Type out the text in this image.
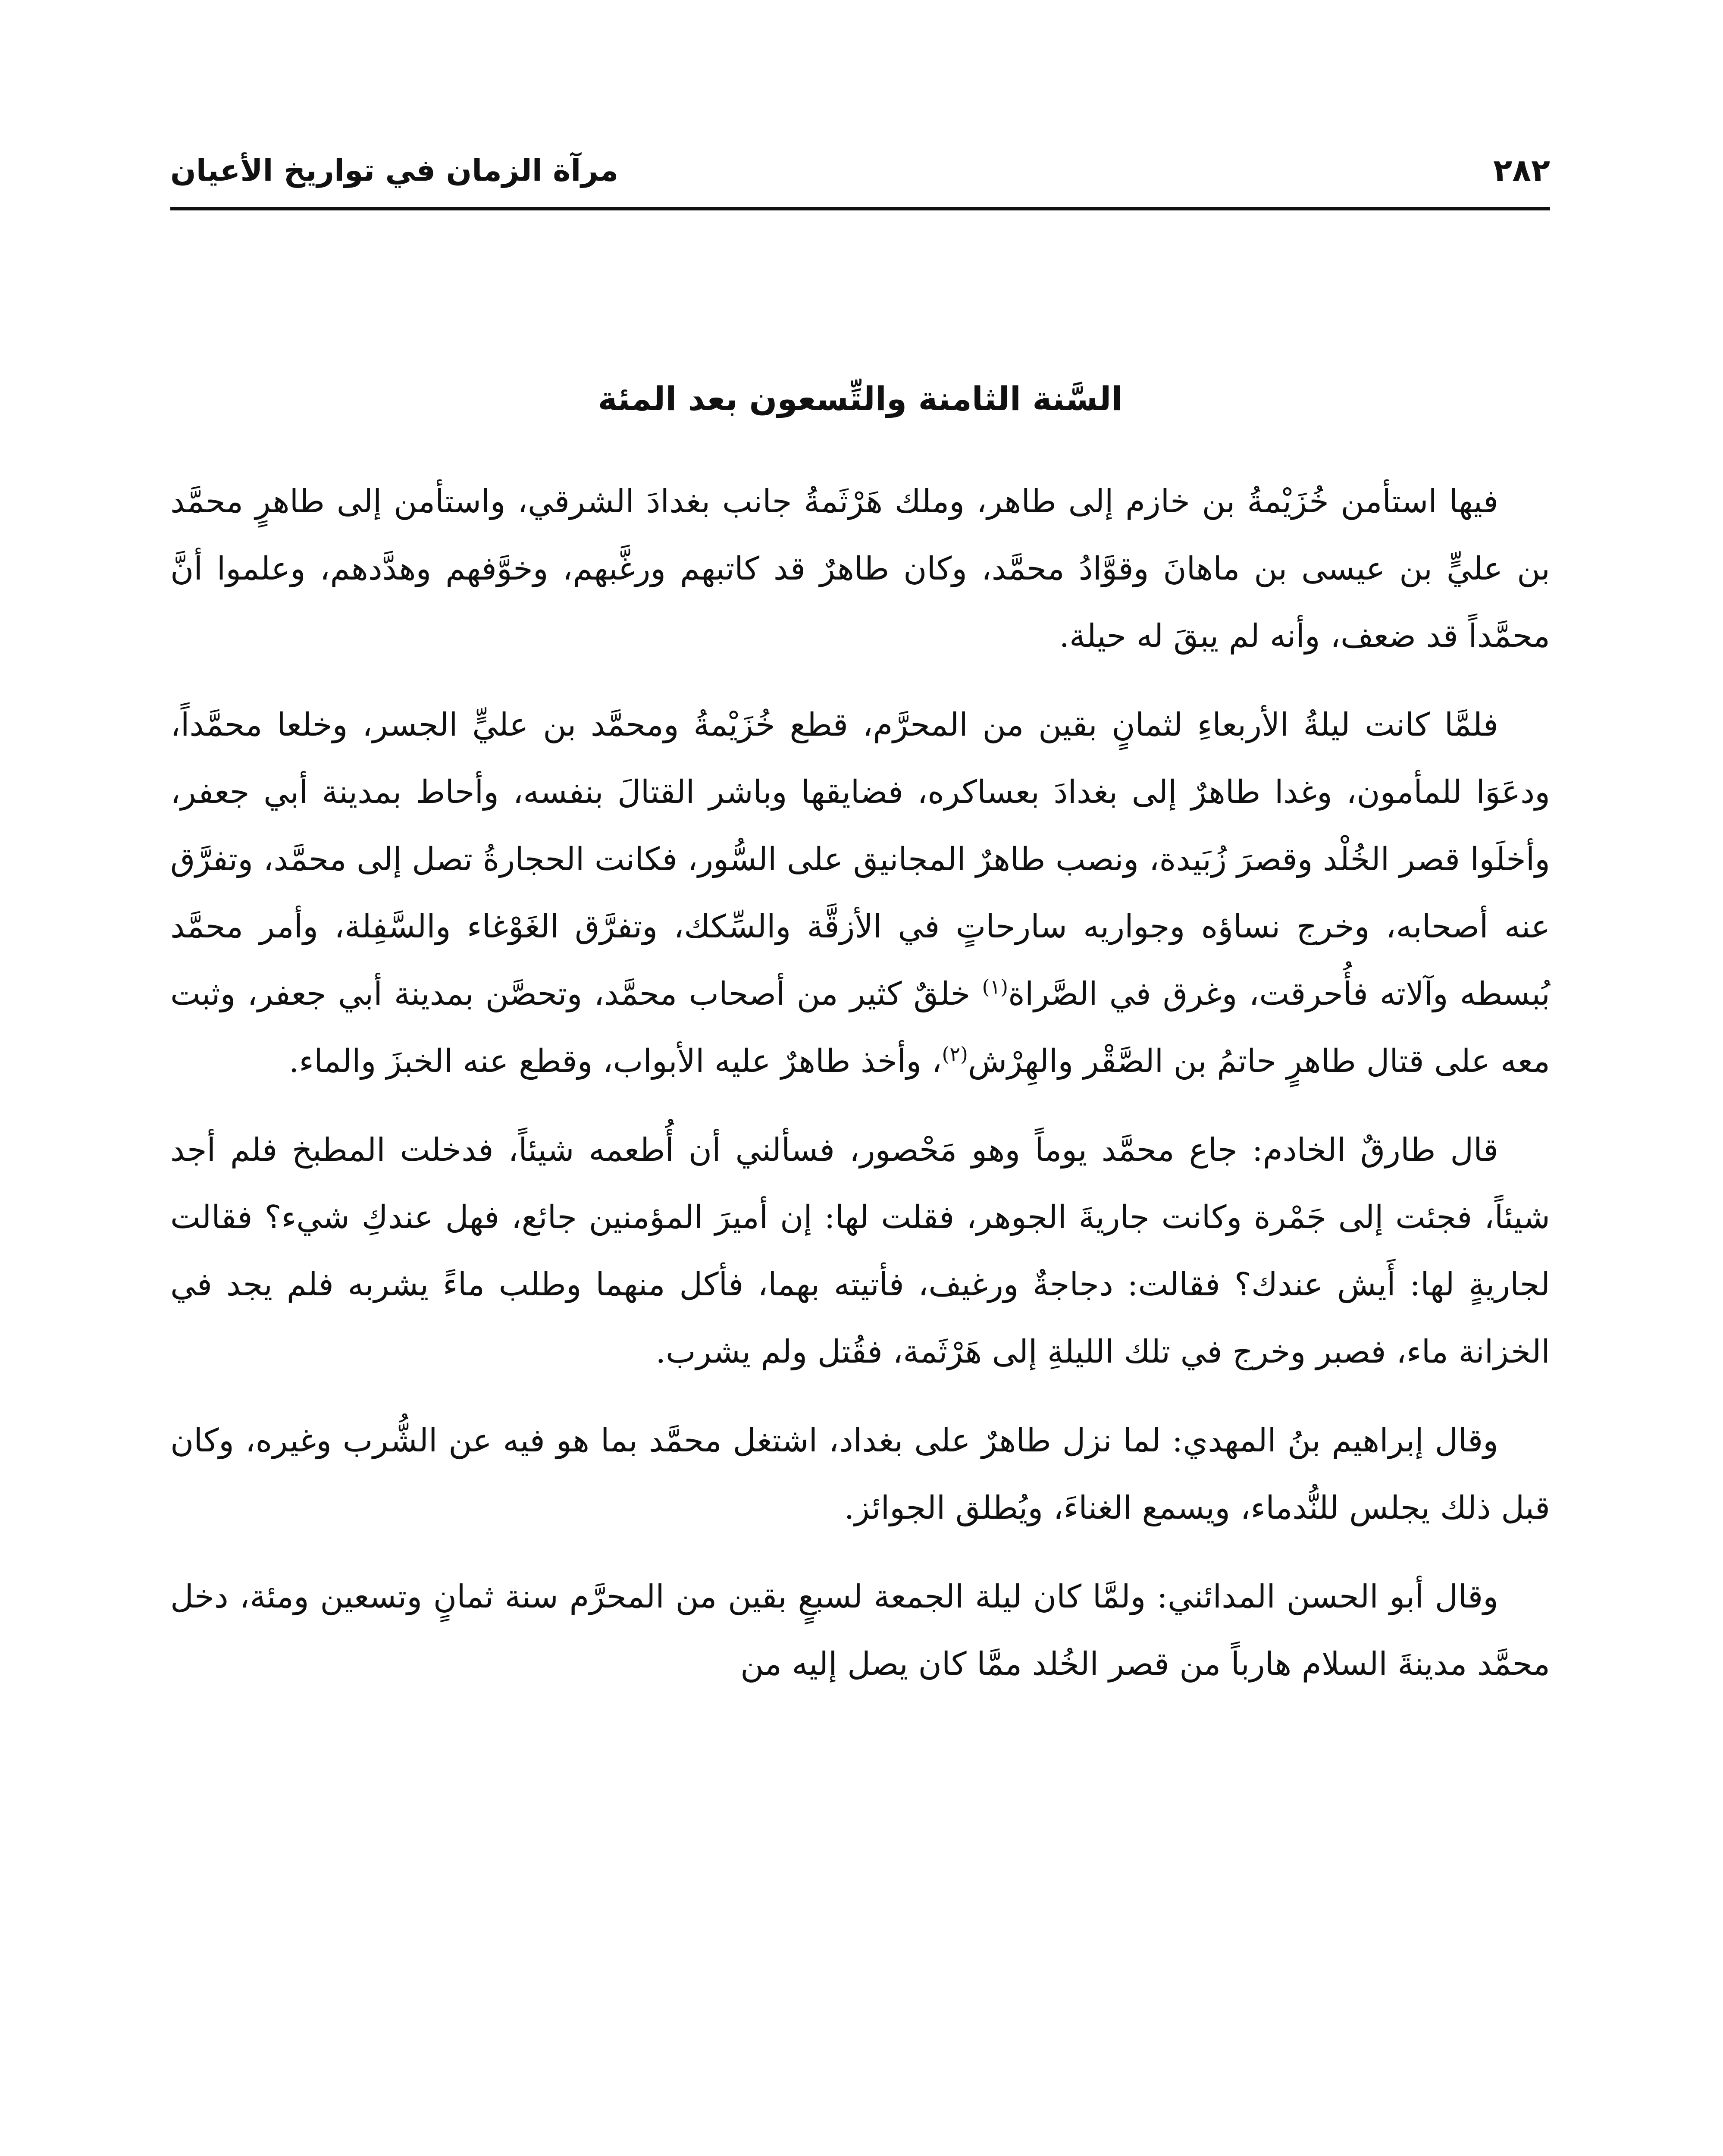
٢٨٢
مرآة الزمان في تواريخ الأعيان
السَّنة الثامنة والتِّسعون بعد المئة

فيها استأمن خُزَيْمةُ بن خازم إلى طاهر، وملك هَرْثَمةُ جانب بغدادَ الشرقي، واستأمن إلى طاهرٍ محمَّد بن عليٍّ بن عيسى بن ماهانَ وقوَّادُ محمَّد، وكان طاهرٌ قد كاتبهم ورغَّبهم، وخوَّفهم وهدَّدهم، وعلموا أنَّ محمَّداً قد ضعف، وأنه لم يبقَ له حيلة.

فلمَّا كانت ليلةُ الأربعاءِ لثمانٍ بقين من المحرَّم، قطع خُزَيْمةُ ومحمَّد بن عليٍّ الجسر، وخلعا محمَّداً، ودعَوَا للمأمون، وغدا طاهرٌ إلى بغدادَ بعساكره، فضايقها وباشر القتالَ بنفسه، وأحاط بمدينة أبي جعفر، وأخلَوا قصر الخُلْد وقصرَ زُبَيدة، ونصب طاهرٌ المجانيق على السُّور، فكانت الحجارةُ تصل إلى محمَّد، وتفرَّق عنه أصحابه، وخرج نساؤه وجواريه سارحاتٍ في الأزقَّة والسِّكك، وتفرَّق الغَوْغاء والسَّفِلة، وأمر محمَّد بُبسطه وآلاته فأُحرقت، وغرق في الصَّراة$^{(١)}$ خلقٌ كثير من أصحاب محمَّد، وتحصَّن بمدينة أبي جعفر، وثبت معه على قتال طاهرٍ حاتمُ بن الصَّقْر والهِرْش$^{(٢)}$، وأخذ طاهرٌ عليه الأبواب، وقطع عنه الخبزَ والماء.

قال طارقٌ الخادم: جاع محمَّد يوماً وهو مَحْصور، فسألني أن أُطعمه شيئاً، فدخلت المطبخ فلم أجد شيئاً، فجئت إلى جَمْرة وكانت جاريةَ الجوهر، فقلت لها: إن أميرَ المؤمنين جائع، فهل عندكِ شيء؟ فقالت لجاريةٍ لها: أَيش عندك؟ فقالت: دجاجةٌ ورغيف، فأتيته بهما، فأكل منهما وطلب ماءً يشربه فلم يجد في الخزانة ماء، فصبر وخرج في تلك الليلةِ إلى هَرْثَمة، فقُتل ولم يشرب.

وقال إبراهيم بنُ المهدي: لما نزل طاهرٌ على بغداد، اشتغل محمَّد بما هو فيه عن الشُّرب وغيره، وكان قبل ذلك يجلس للنُّدماء، ويسمع الغناءَ، ويُطلق الجوائز.

وقال أبو الحسن المدائني: ولمَّا كان ليلة الجمعة لسبعٍ بقين من المحرَّم سنة ثمانٍ وتسعين ومئة، دخل محمَّد مدينةَ السلام هارباً من قصر الخُلد ممَّا كان يصل إليه من
